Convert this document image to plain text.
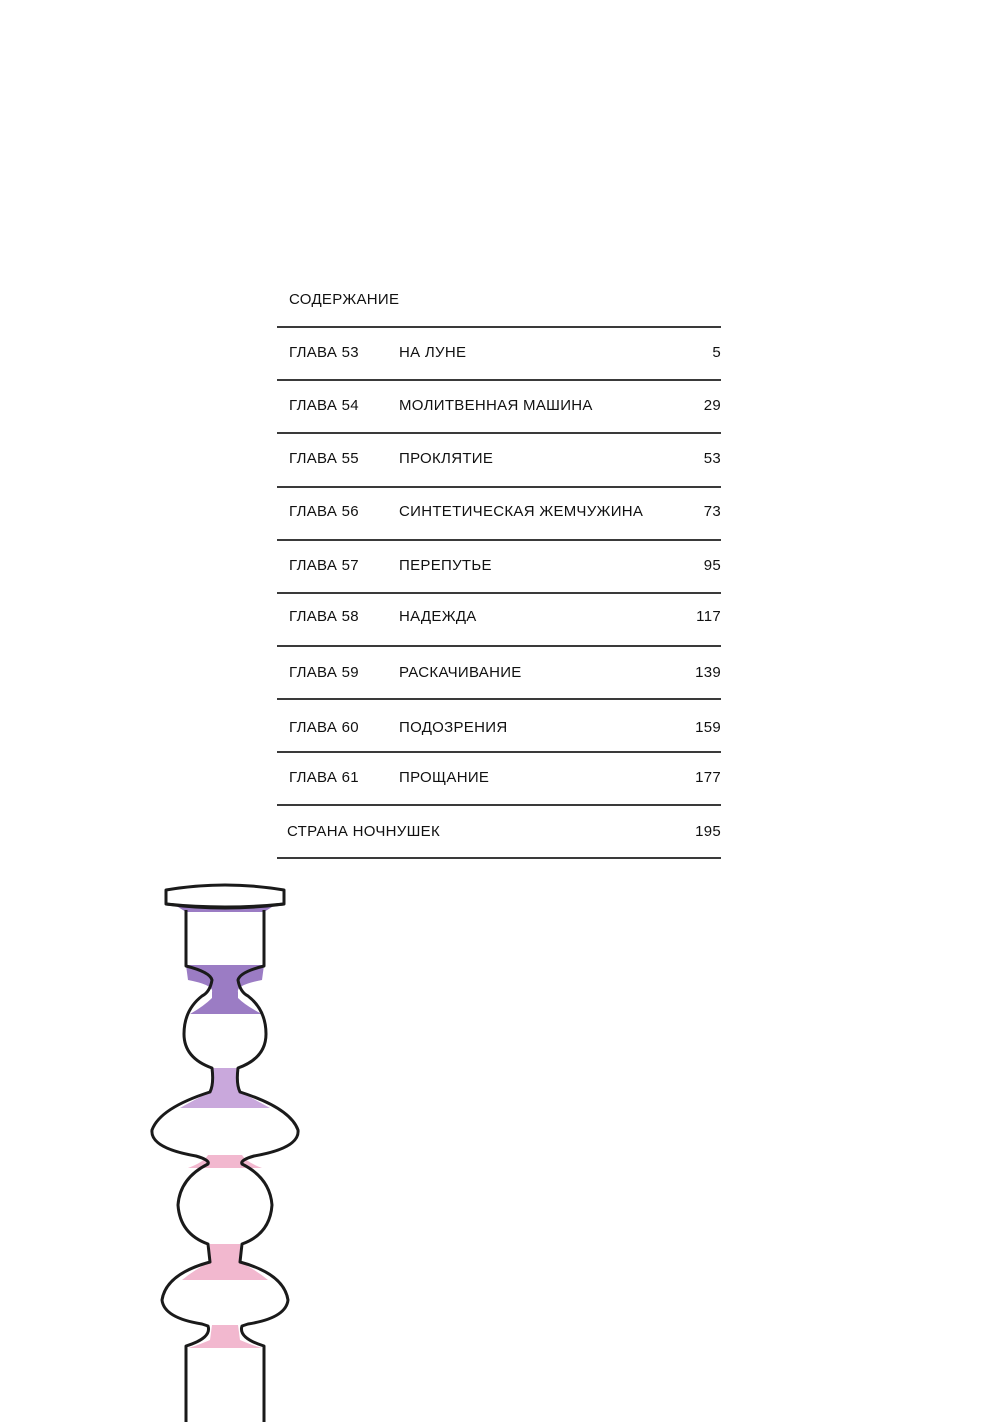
СОДЕРЖАНИЕ
ГЛАВА 53	НА ЛУНЕ	5
ГЛАВА 54	МОЛИТВЕННАЯ МАШИНА	29
ГЛАВА 55	ПРОКЛЯТИЕ	53
ГЛАВА 56	СИНТЕТИЧЕСКАЯ ЖЕМЧУЖИНА	73
ГЛАВА 57	ПЕРЕПУТЬЕ	95
ГЛАВА 58	НАДЕЖДА	117
ГЛАВА 59	РАСКАЧИВАНИЕ	139
ГЛАВА 60	ПОДОЗРЕНИЯ	159
ГЛАВА 61	ПРОЩАНИЕ	177
СТРАНА НОЧНУШЕК	195
